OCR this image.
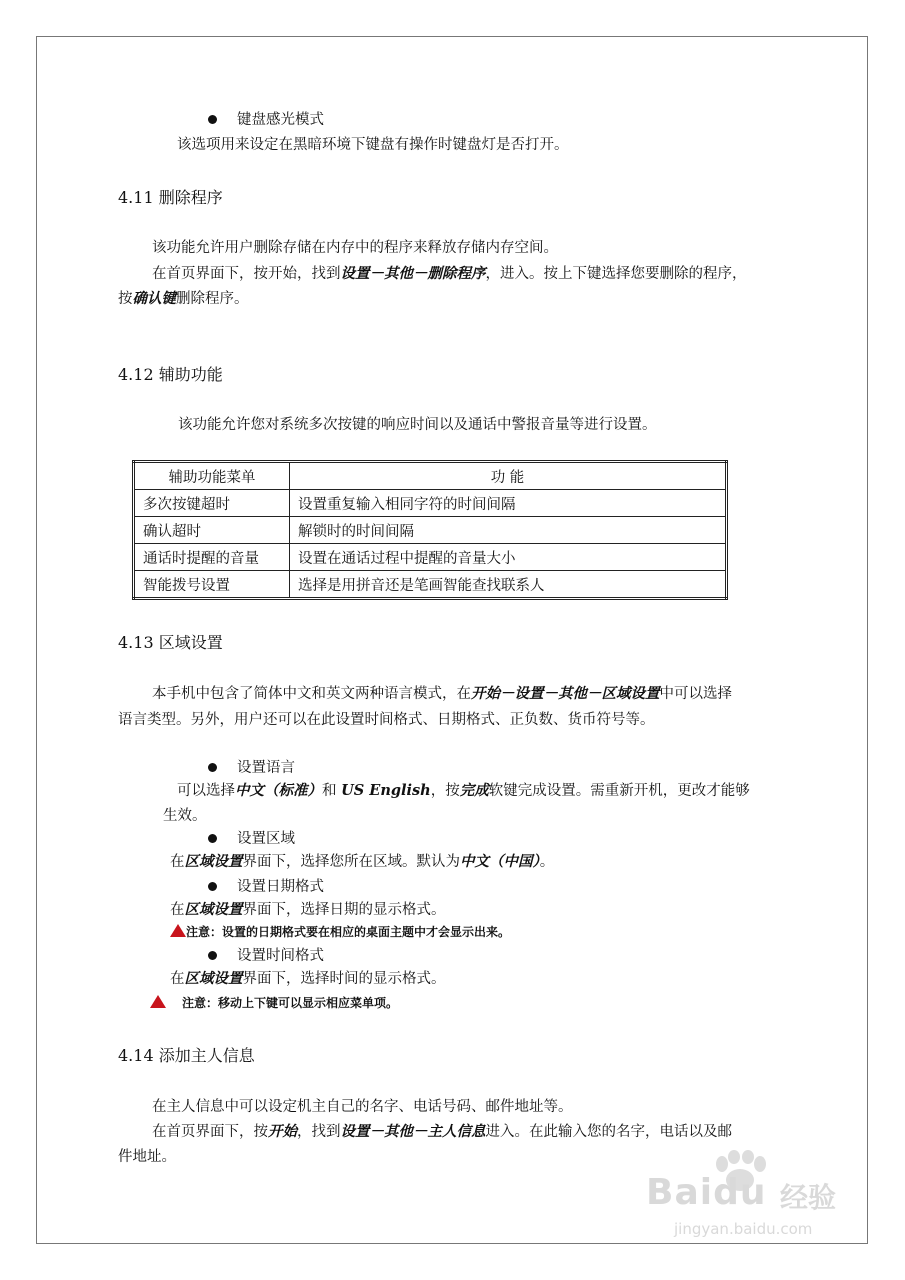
键盘感光模式
该选项用来设定在黑暗环境下键盘有操作时键盘灯是否打开。
4.11 删除程序
该功能允许用户删除存储在内存中的程序来释放存储内存空间。
在首页界面下，按开始，找到设置－其他－删除程序，进入。按上下键选择您要删除的程序，
按确认键删除程序。
4.12 辅助功能
该功能允许您对系统多次按键的响应时间以及通话中警报音量等进行设置。
辅助功能菜单	功 能
多次按键超时	设置重复输入相同字符的时间间隔
确认超时	解锁时的时间间隔
通话时提醒的音量	设置在通话过程中提醒的音量大小
智能拨号设置	选择是用拼音还是笔画智能查找联系人
4.13 区域设置
本手机中包含了简体中文和英文两种语言模式，在开始－设置－其他－区域设置中可以选择
语言类型。另外，用户还可以在此设置时间格式、日期格式、正负数、货币符号等。
设置语言
可以选择中文（标准）和 US English，按完成软键完成设置。需重新开机，更改才能够
生效。
设置区域
在区域设置界面下，选择您所在区域。默认为中文（中国）。
设置日期格式
在区域设置界面下，选择日期的显示格式。
注意：设置的日期格式要在相应的桌面主题中才会显示出来。
设置时间格式
在区域设置界面下，选择时间的显示格式。
注意：移动上下键可以显示相应菜单项。
4.14 添加主人信息
在主人信息中可以设定机主自己的名字、电话号码、邮件地址等。
在首页界面下，按开始，找到设置－其他－主人信息进入。在此输入您的名字，电话以及邮
件地址。
Baidu 经验
jingyan.baidu.com
